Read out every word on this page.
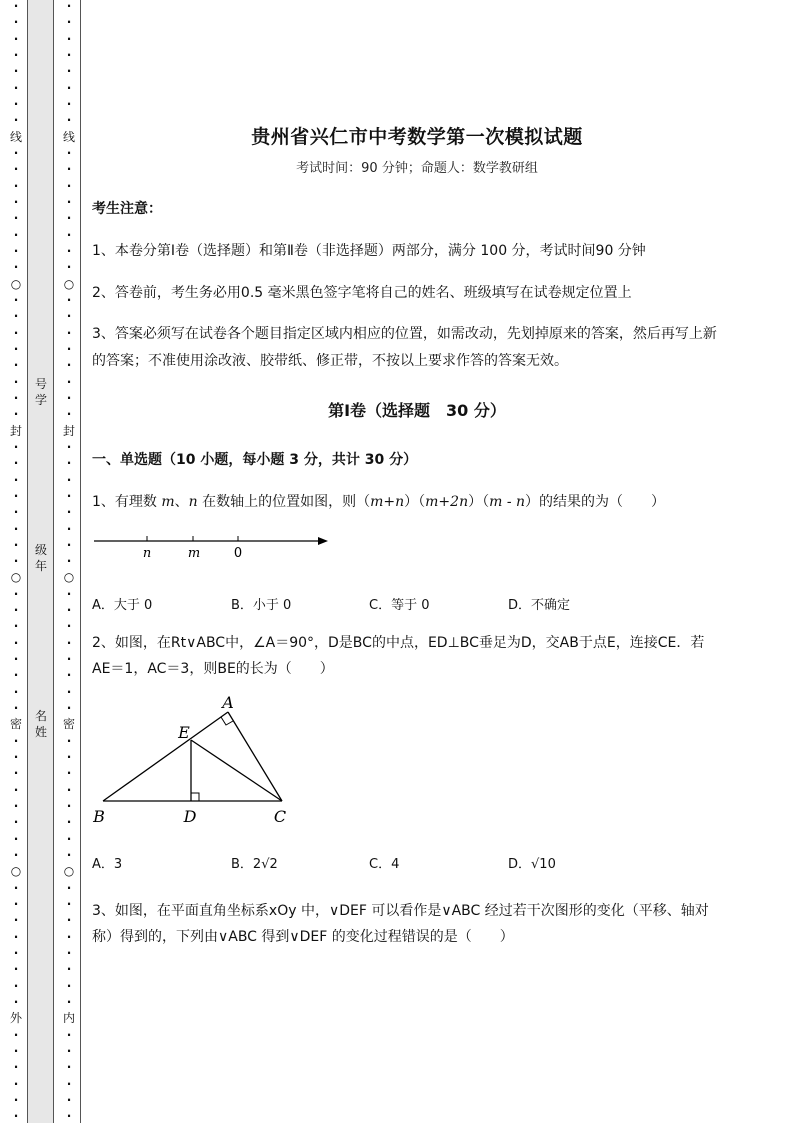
·
·
·
·
·
·
·
·
线
·
·
·
·
·
·
·
·
○
·
·
·
·
·
·
·
·
封
·
·
·
·
·
·
·
·
○
·
·
·
·
·
·
·
·
密
·
·
·
·
·
·
·
·
○
·
·
·
·
·
·
·
·
外
·
·
·
·
·
·
号学
级年
名姓
·
·
·
·
·
·
·
·
线
·
·
·
·
·
·
·
·
○
·
·
·
·
·
·
·
·
封
·
·
·
·
·
·
·
·
○
·
·
·
·
·
·
·
·
密
·
·
·
·
·
·
·
·
○
·
·
·
·
·
·
·
·
内
·
·
·
·
·
·
贵州省兴仁市中考数学第一次模拟试题
考试时间：90 分钟；命题人：数学教研组
考生注意：
1、本卷分第Ⅰ卷（选择题）和第Ⅱ卷（非选择题）两部分，满分 100 分，考试时间90 分钟
2、答卷前，考生务必用0.5 毫米黑色签字笔将自己的姓名、班级填写在试卷规定位置上
3、答案必须写在试卷各个题目指定区域内相应的位置，如需改动，先划掉原来的答案，然后再写上新
的答案；不准使用涂改液、胶带纸、修正带，不按以上要求作答的答案无效。
第Ⅰ卷（选择题　30 分）
一、单选题（10 小题，每小题 3 分，共计 30 分）
1、有理数 m、n 在数轴上的位置如图，则（m+n）（m+2n）（m - n）的结果的为（　　）
n	m	0
A．大于 0	B．小于 0	C．等于 0	D．不确定
2、如图，在Rt∨ABC中，∠A＝90°，D是BC的中点，ED⊥BC垂足为D，交AB于点E，连接CE．若
AE＝1，AC＝3，则BE的长为（　　）
A
E
B	D	C
A．3	B．2√2	C．4	D．√10
3、如图，在平面直角坐标系xOy 中，∨DEF 可以看作是∨ABC 经过若干次图形的变化（平移、轴对
称）得到的，下列由∨ABC 得到∨DEF 的变化过程错误的是（　　）
